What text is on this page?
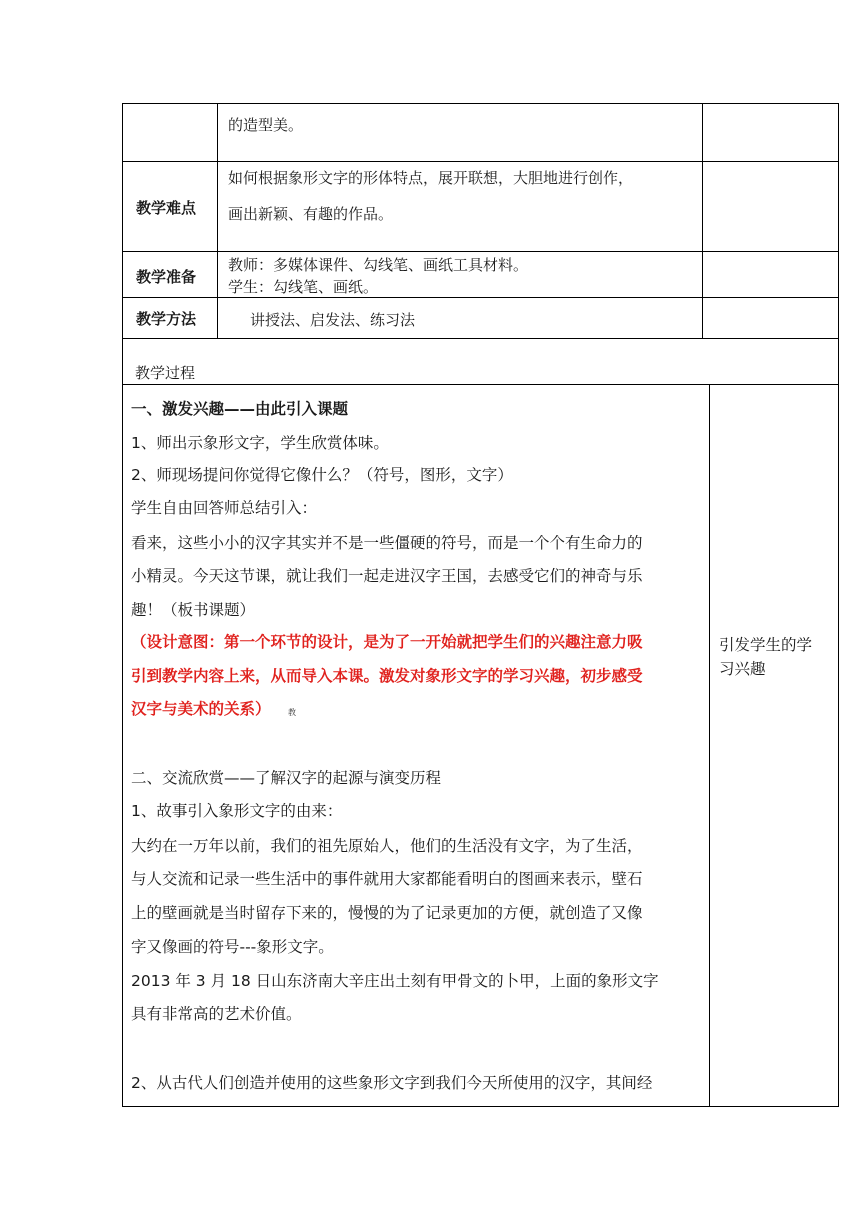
的造型美。
教学难点
如何根据象形文字的形体特点，展开联想，大胆地进行创作，
画出新颖、有趣的作品。
教学准备
教师：多媒体课件、勾线笔、画纸工具材料。
学生：勾线笔、画纸。
教学方法	讲授法、启发法、练习法
教学过程
一、激发兴趣——由此引入课题
1、师出示象形文字，学生欣赏体味。
2、师现场提问你觉得它像什么？（符号，图形，文字）
学生自由回答师总结引入：
看来，这些小小的汉字其实并不是一些僵硬的符号，而是一个个有生命力的
小精灵。今天这节课，就让我们一起走进汉字王国，去感受它们的神奇与乐
趣！（板书课题）
（设计意图：第一个环节的设计，是为了一开始就把学生们的兴趣注意力吸
引到教学内容上来，从而导入本课。激发对象形文字的学习兴趣，初步感受
汉字与美术的关系） 教
引发学生的学
习兴趣
二、交流欣赏——了解汉字的起源与演变历程
1、故事引入象形文字的由来：
大约在一万年以前，我们的祖先原始人，他们的生活没有文字，为了生活，
与人交流和记录一些生活中的事件就用大家都能看明白的图画来表示，壁石
上的壁画就是当时留存下来的，慢慢的为了记录更加的方便，就创造了又像
字又像画的符号---象形文字。
2013 年 3 月 18 日山东济南大辛庄出土刻有甲骨文的卜甲，上面的象形文字
具有非常高的艺术价值。
2、从古代人们创造并使用的这些象形文字到我们今天所使用的汉字，其间经
